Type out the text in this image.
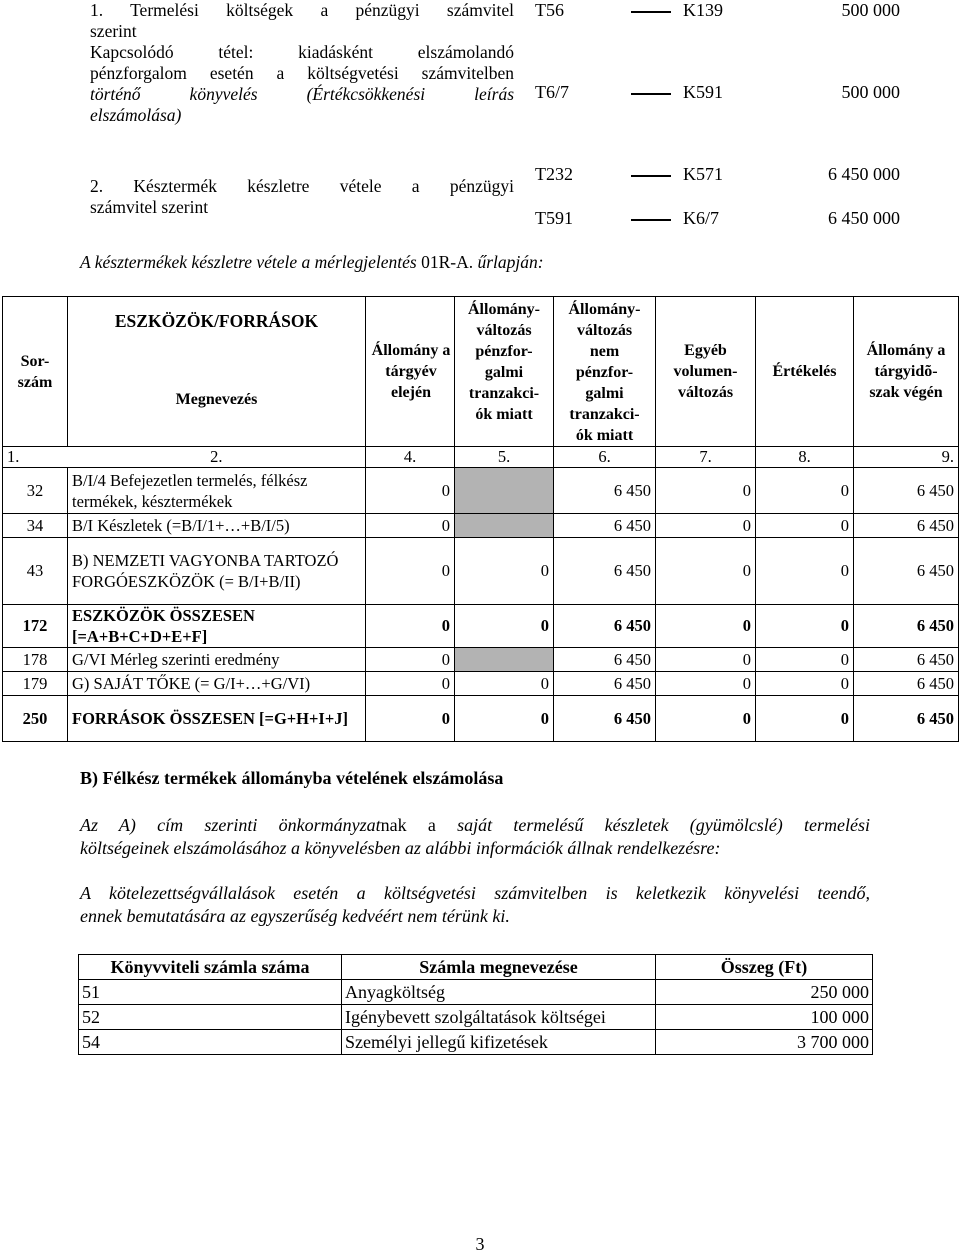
1. Termelési költségek a pénzügyi számvitel
szerint
Kapcsolódó tétel: kiadásként elszámolandó
pénzforgalom esetén a költségvetési számvitelben
történő könyvelés (Értékcsökkenési leírás
elszámolása)
T56	K139	500 000
T6/7	K591	500 000
2. Késztermék készletre vétele a pénzügyi
számvitel szerint
T232	K571	6 450 000
T591	K6/7	6 450 000
A késztermékek készletre vétele a mérlegjelentés 01R-A. űrlapján:
Sor-szám	ESZKÖZÖK/FORRÁSOK
Megnevezés	Állomány a tárgyév elején	Állomány-változás pénzfor-galmi tranzakci-ók miatt	Állomány-változás nem pénzfor-galmi tranzakci-ók miatt	Egyéb volumen-változás	Értékelés	Állomány a tárgyidõ-szak végén

1.	2.	4.	5.	6.	7.	8.	9.
32	B/I/4 Befejezetlen termelés, félkész termékek, késztermékek	0		6 450	0	0	6 450
34	B/I Készletek (=B/I/1+…+B/I/5)	0		6 450	0	0	6 450
43	B) NEMZETI VAGYONBA TARTOZÓ FORGÓESZKÖZÖK (= B/I+B/II)	0	0	6 450	0	0	6 450
172	ESZKÖZÖK ÖSSZESEN [=A+B+C+D+E+F]	0	0	6 450	0	0	6 450
178	G/VI Mérleg szerinti eredmény	0		6 450	0	0	6 450
179	G) SAJÁT TŐKE (= G/I+…+G/VI)	0	0	6 450	0	0	6 450
250	FORRÁSOK ÖSSZESEN [=G+H+I+J]	0	0	6 450	0	0	6 450
B) Félkész termékek állományba vételének elszámolása
Az A) cím szerinti önkormányzatnak a saját termelésű készletek (gyümölcslé) termelési
költségeinek elszámolásához a könyvelésben az alábbi információk állnak rendelkezésre:
A kötelezettségvállalások esetén a költségvetési számvitelben is keletkezik könyvelési teendő,
ennek bemutatására az egyszerűség kedvéért nem térünk ki.
Könyvviteli számla száma	Számla megnevezése	Összeg (Ft)
51	Anyagköltség	250 000
52	Igénybevett szolgáltatások költségei	100 000
54	Személyi jellegű kifizetések	3 700 000
3
